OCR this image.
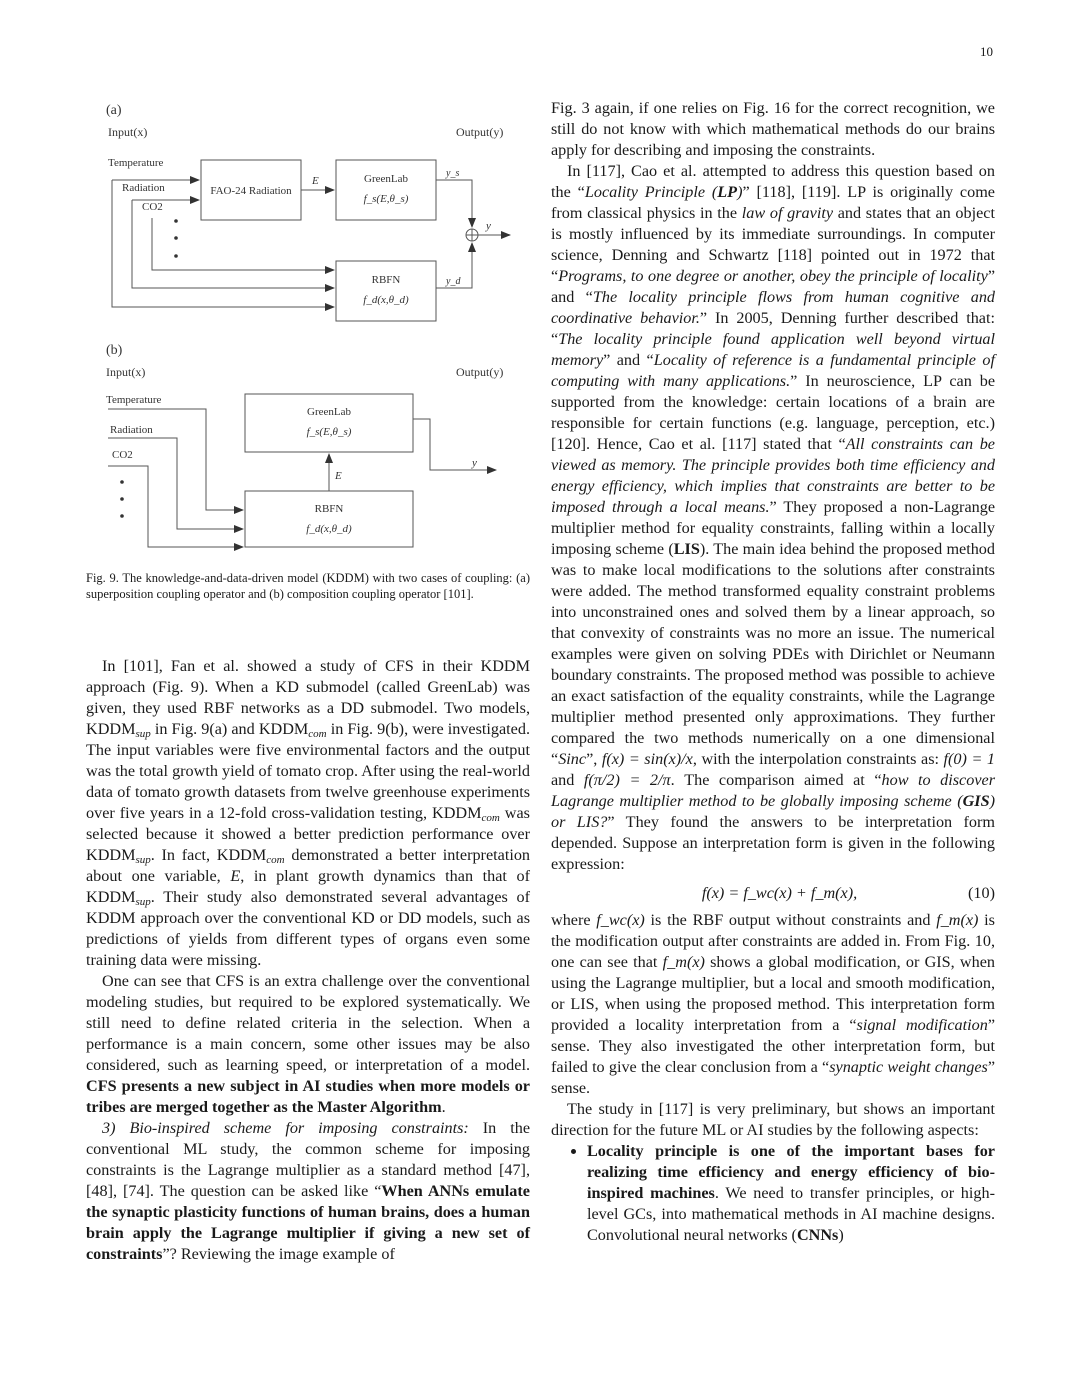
10
(a)
Input(x)	Output(y)
Temperature
Radiation
CO2
FAO-24 Radiation
E	GreenLab
f_s(E,θ_s)
RBFN
f_d(x,θ_d)
y_s
y_d
y
(b)
Input(x)	Output(y)
Temperature
Radiation
CO2
GreenLab
f_s(E,θ_s)
RBFN
f_d(x,θ_d)
E
y
Fig. 9. The knowledge-and-data-driven model (KDDM) with two cases of coupling: (a) superposition coupling operator and (b) composition coupling operator [101].

In [101], Fan et al. showed a study of CFS in their KDDM approach (Fig. 9). When a KD submodel (called GreenLab) was given, they used RBF networks as a DD submodel. Two models, $KDDM_{sup}$ in Fig. 9(a) and $KDDM_{com}$ in Fig. 9(b), were investigated. The input variables were five environmental factors and the output was the total growth yield of tomato crop. After using the real-world data of tomato growth datasets from twelve greenhouse experiments over five years in a 12-fold cross-validation testing, $KDDM_{com}$ was selected because it showed a better prediction performance over $KDDM_{sup}$. In fact, $KDDM_{com}$ demonstrated a better interpretation about one variable, E, in plant growth dynamics than that of $KDDM_{sup}$. Their study also demonstrated several advantages of KDDM approach over the conventional KD or DD models, such as predictions of yields from different types of organs even some training data were missing.

One can see that CFS is an extra challenge over the conventional modeling studies, but required to be explored systematically. We still need to define related criteria in the selection. When a performance is a main concern, some other issues may be also considered, such as learning speed, or interpretation of a model. CFS presents a new subject in AI studies when more models or tribes are merged together as the Master Algorithm.

3) Bio-inspired scheme for imposing constraints: In the conventional ML study, the common scheme for imposing constraints is the Lagrange multiplier as a standard method [47], [48], [74]. The question can be asked like “When ANNs emulate the synaptic plasticity functions of human brains, does a human brain apply the Lagrange multiplier if giving a new set of constraints”? Reviewing the image example of

Fig. 3 again, if one relies on Fig. 16 for the correct recognition, we still do not know with which mathematical methods do our brains apply for describing and imposing the constraints.

In [117], Cao et al. attempted to address this question based on the “Locality Principle (LP)” [118], [119]. LP is originally come from classical physics in the law of gravity and states that an object is mostly influenced by its immediate surroundings. In computer science, Denning and Schwartz [118] pointed out in 1972 that “Programs, to one degree or another, obey the principle of locality” and “The locality principle flows from human cognitive and coordinative behavior.” In 2005, Denning further described that: “The locality principle found application well beyond virtual memory” and “Locality of reference is a fundamental principle of computing with many applications.” In neuroscience, LP can be supported from the knowledge: certain locations of a brain are responsible for certain functions (e.g. language, perception, etc.) [120]. Hence, Cao et al. [117] stated that “All constraints can be viewed as memory. The principle provides both time efficiency and energy efficiency, which implies that constraints are better to be imposed through a local means.” They proposed a non-Lagrange multiplier method for equality constraints, falling within a locally imposing scheme (LIS). The main idea behind the proposed method was to make local modifications to the solutions after constraints were added. The method transformed equality constraint problems into unconstrained ones and solved them by a linear approach, so that convexity of constraints was no more an issue. The numerical examples were given on solving PDEs with Dirichlet or Neumann boundary constraints. The proposed method was possible to achieve an exact satisfaction of the equality constraints, while the Lagrange multiplier method presented only approximations. They further compared the two methods numerically on a one dimensional “Sinc”, f(x) = sin(x)/x, with the interpolation constraints as: f(0) = 1 and f(π/2) = 2/π. The comparison aimed at “how to discover Lagrange multiplier method to be globally imposing scheme (GIS) or LIS?” They found the answers to be interpretation form depended. Suppose an interpretation form is given in the following expression:

f(x) = f_wc(x) + f_m(x),	(10)

where f_wc(x) is the RBF output without constraints and f_m(x) is the modification output after constraints are added in. From Fig. 10, one can see that f_m(x) shows a global modification, or GIS, when using the Lagrange multiplier, but a local and smooth modification, or LIS, when using the proposed method. This interpretation form provided a locality interpretation from a “signal modification” sense. They also investigated the other interpretation form, but failed to give the clear conclusion from a “synaptic weight changes” sense.

The study in [117] is very preliminary, but shows an important direction for the future ML or AI studies by the following aspects:

• Locality principle is one of the important bases for realizing time efficiency and energy efficiency of bio-inspired machines. We need to transfer principles, or high-level GCs, into mathematical methods in AI machine designs. Convolutional neural networks (CNNs)
